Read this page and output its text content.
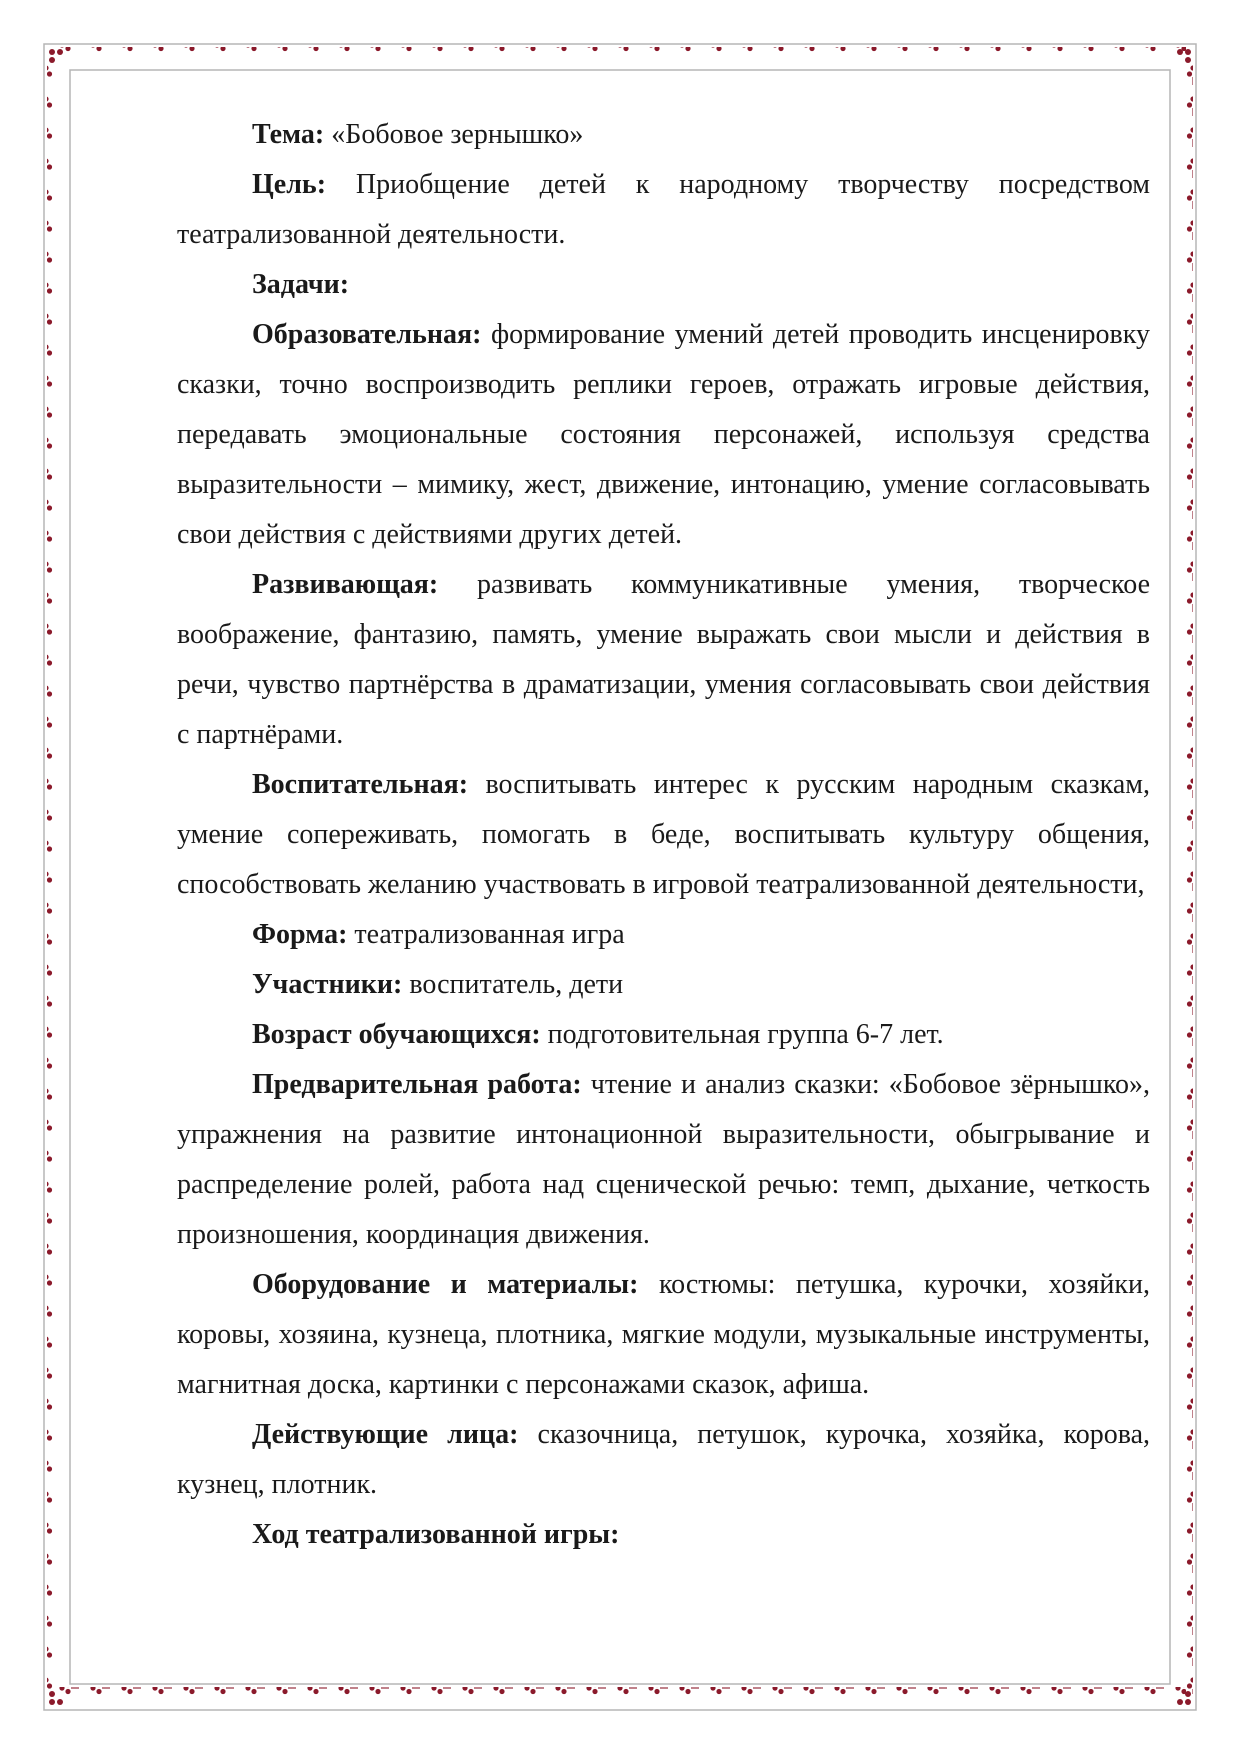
Тема: «Бобовое зернышко»

Цель: Приобщение детей к народному творчеству посредством театрализованной деятельности.

Задачи:

Образовательная: формирование умений детей проводить инсценировку сказки, точно воспроизводить реплики героев, отражать игровые действия, передавать эмоциональные состояния персонажей, используя средства выразительности – мимику, жест, движение, интонацию, умение согласовывать свои действия с действиями других детей.

Развивающая: развивать коммуникативные умения, творческое воображение, фантазию, память, умение выражать свои мысли и действия в речи, чувство партнёрства в драматизации, умения согласовывать свои действия с партнёрами.

Воспитательная: воспитывать интерес к русским народным сказкам, умение сопереживать, помогать в беде, воспитывать культуру общения, способствовать желанию участвовать в игровой театрализованной деятельности,

Форма: театрализованная игра

Участники: воспитатель, дети

Возраст обучающихся: подготовительная группа 6-7 лет.

Предварительная работа: чтение и анализ сказки: «Бобовое зёрнышко», упражнения на развитие интонационной выразительности, обыгрывание и распределение ролей, работа над сценической речью: темп, дыхание, четкость произношения, координация движения.

Оборудование и материалы: костюмы: петушка, курочки, хозяйки, коровы, хозяина, кузнеца, плотника, мягкие модули, музыкальные инструменты, магнитная доска, картинки с персонажами сказок, афиша.

Действующие лица: сказочница, петушок, курочка, хозяйка, корова, кузнец, плотник.

Ход театрализованной игры:
